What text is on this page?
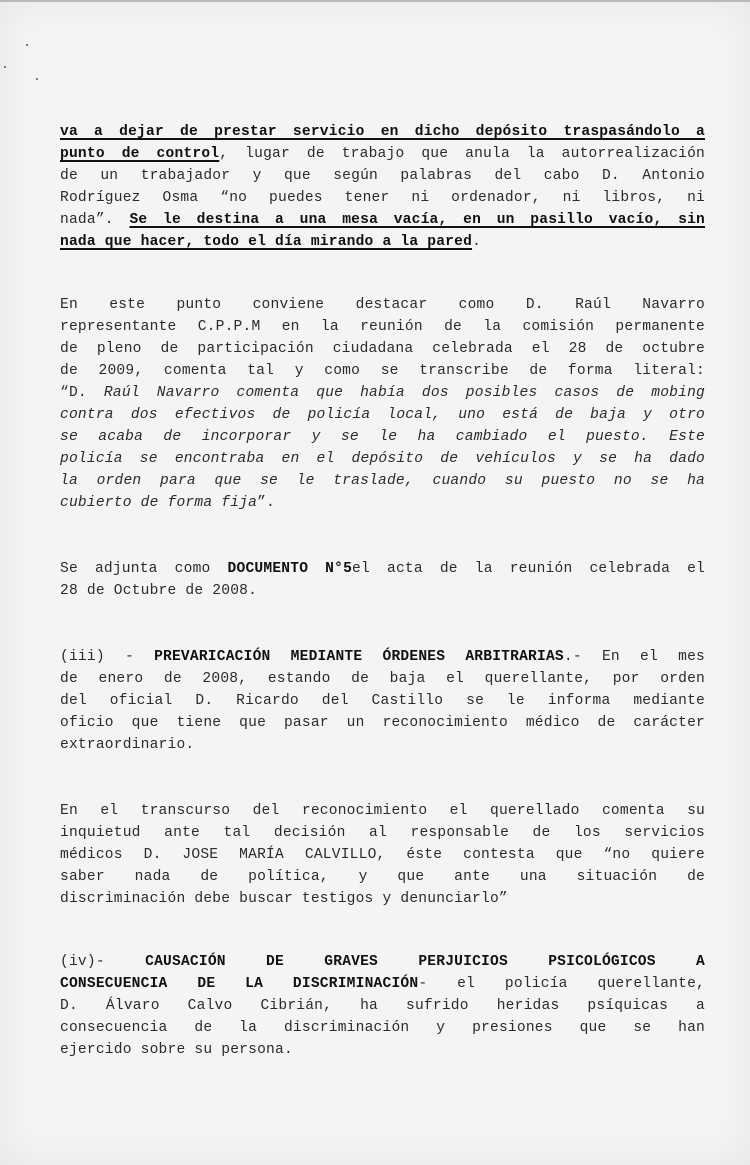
va a dejar de prestar servicio en dicho depósito traspasándolo a
punto de control, lugar de trabajo que anula la autorrealización
de un trabajador y que según palabras del cabo D. Antonio
Rodríguez Osma “no puedes tener ni ordenador, ni libros, ni
nada”. Se le destina a una mesa vacía, en un pasillo vacío, sin
nada que hacer, todo el día mirando a la pared.
En este punto conviene destacar como D. Raúl Navarro
representante C.P.P.M en la reunión de la comisión permanente
de pleno de participación ciudadana celebrada el 28 de octubre
de 2009, comenta tal y como se transcribe de forma literal:
“D. Raúl Navarro comenta que había dos posibles casos de mobing
contra dos efectivos de policía local, uno está de baja y otro
se acaba de incorporar y se le ha cambiado el puesto. Este
policía se encontraba en el depósito de vehículos y se ha dado
la orden para que se le traslade, cuando su puesto no se ha
cubierto de forma fija”.
Se adjunta como DOCUMENTO N°5el acta de la reunión celebrada el
28 de Octubre de 2008.
(iii) - PREVARICACIÓN MEDIANTE ÓRDENES ARBITRARIAS.- En el mes
de enero de 2008, estando de baja el querellante, por orden
del oficial D. Ricardo del Castillo se le informa mediante
oficio que tiene que pasar un reconocimiento médico de carácter
extraordinario.
En el transcurso del reconocimiento el querellado comenta su
inquietud ante tal decisión al responsable de los servicios
médicos D. JOSE MARÍA CALVILLO, éste contesta que “no quiere
saber nada de política, y que ante una situación de
discriminación debe buscar testigos y denunciarlo”
(iv)- CAUSACIÓN DE GRAVES PERJUICIOS PSICOLÓGICOS A
CONSECUENCIA DE LA DISCRIMINACIÓN- el policía querellante,
D. Álvaro Calvo Cibrián, ha sufrido heridas psíquicas a
consecuencia de la discriminación y presiones que se han
ejercido sobre su persona.
